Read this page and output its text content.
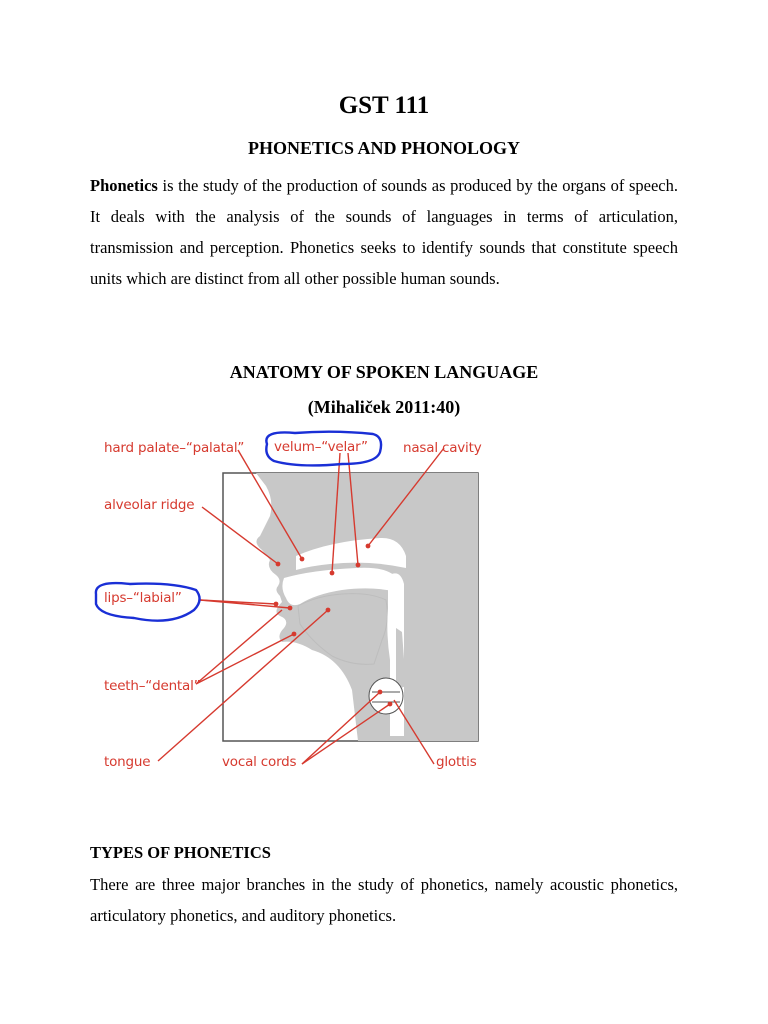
GST 111
PHONETICS AND PHONOLOGY

Phonetics is the study of the production of sounds as produced by the organs of speech. It deals with the analysis of the sounds of languages in terms of articulation, transmission and perception. Phonetics seeks to identify sounds that constitute speech units which are distinct from all other possible human sounds.

ANATOMY OF SPOKEN LANGUAGE
(Mihaliček 2011:40)
hard palate–“palatal” velum–“velar”	nasal cavity
alveolar ridge
lips–“labial”
teeth–“dental”
tongue	vocal cords	glottis
TYPES OF PHONETICS

There are three major branches in the study of phonetics, namely acoustic phonetics, articulatory phonetics, and auditory phonetics.
